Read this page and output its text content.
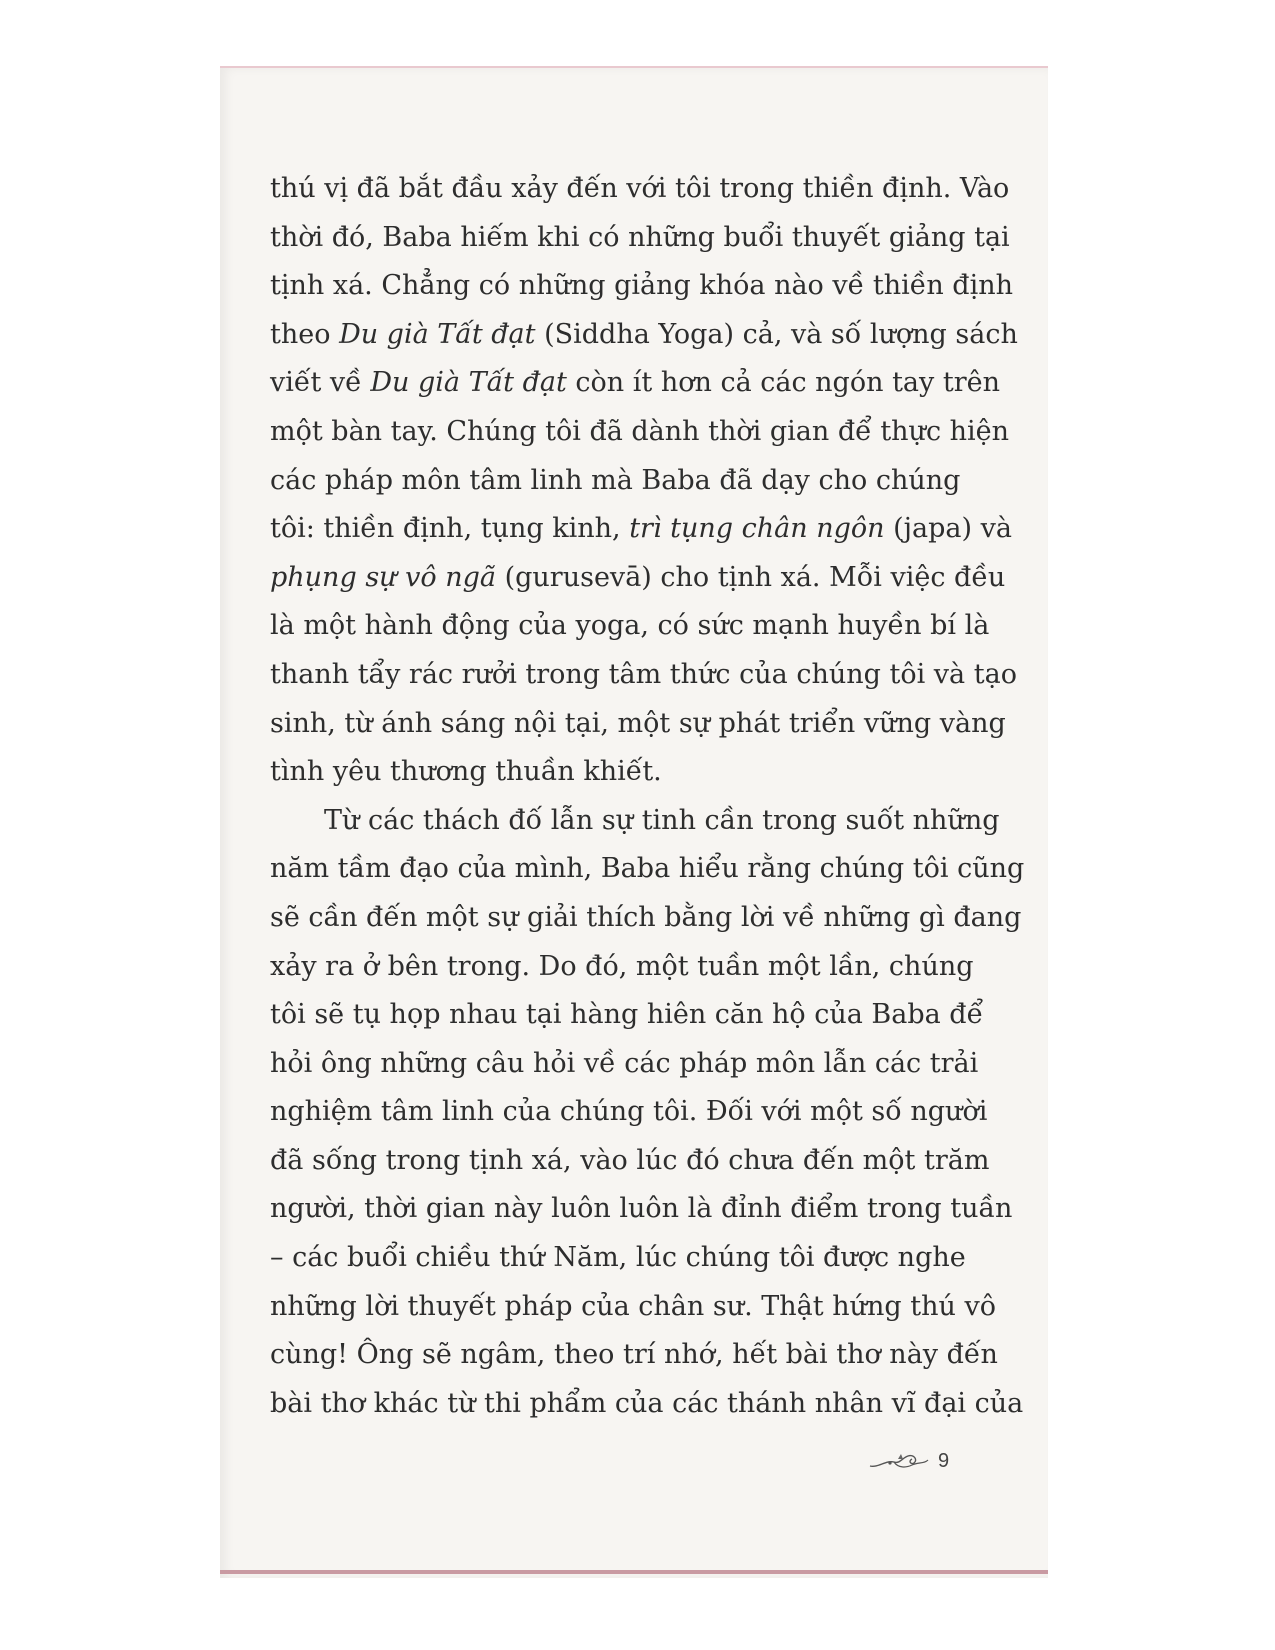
thú vị đã bắt đầu xảy đến với tôi trong thiền định. Vào
thời đó, Baba hiếm khi có những buổi thuyết giảng tại
tịnh xá. Chẳng có những giảng khóa nào về thiền định
theo Du già Tất đạt (Siddha Yoga) cả, và số lượng sách
viết về Du già Tất đạt còn ít hơn cả các ngón tay trên
một bàn tay. Chúng tôi đã dành thời gian để thực hiện
các pháp môn tâm linh mà Baba đã dạy cho chúng
tôi: thiền định, tụng kinh, trì tụng chân ngôn (japa) và
phụng sự vô ngã (gurusevā) cho tịnh xá. Mỗi việc đều
là một hành động của yoga, có sức mạnh huyền bí là
thanh tẩy rác rưởi trong tâm thức của chúng tôi và tạo
sinh, từ ánh sáng nội tại, một sự phát triển vững vàng
tình yêu thương thuần khiết.
Từ các thách đố lẫn sự tinh cần trong suốt những
năm tầm đạo của mình, Baba hiểu rằng chúng tôi cũng
sẽ cần đến một sự giải thích bằng lời về những gì đang
xảy ra ở bên trong. Do đó, một tuần một lần, chúng
tôi sẽ tụ họp nhau tại hàng hiên căn hộ của Baba để
hỏi ông những câu hỏi về các pháp môn lẫn các trải
nghiệm tâm linh của chúng tôi. Đối với một số người
đã sống trong tịnh xá, vào lúc đó chưa đến một trăm
người, thời gian này luôn luôn là đỉnh điểm trong tuần
– các buổi chiều thứ Năm, lúc chúng tôi được nghe
những lời thuyết pháp của chân sư. Thật hứng thú vô
cùng! Ông sẽ ngâm, theo trí nhớ, hết bài thơ này đến
bài thơ khác từ thi phẩm của các thánh nhân vĩ đại của
9
